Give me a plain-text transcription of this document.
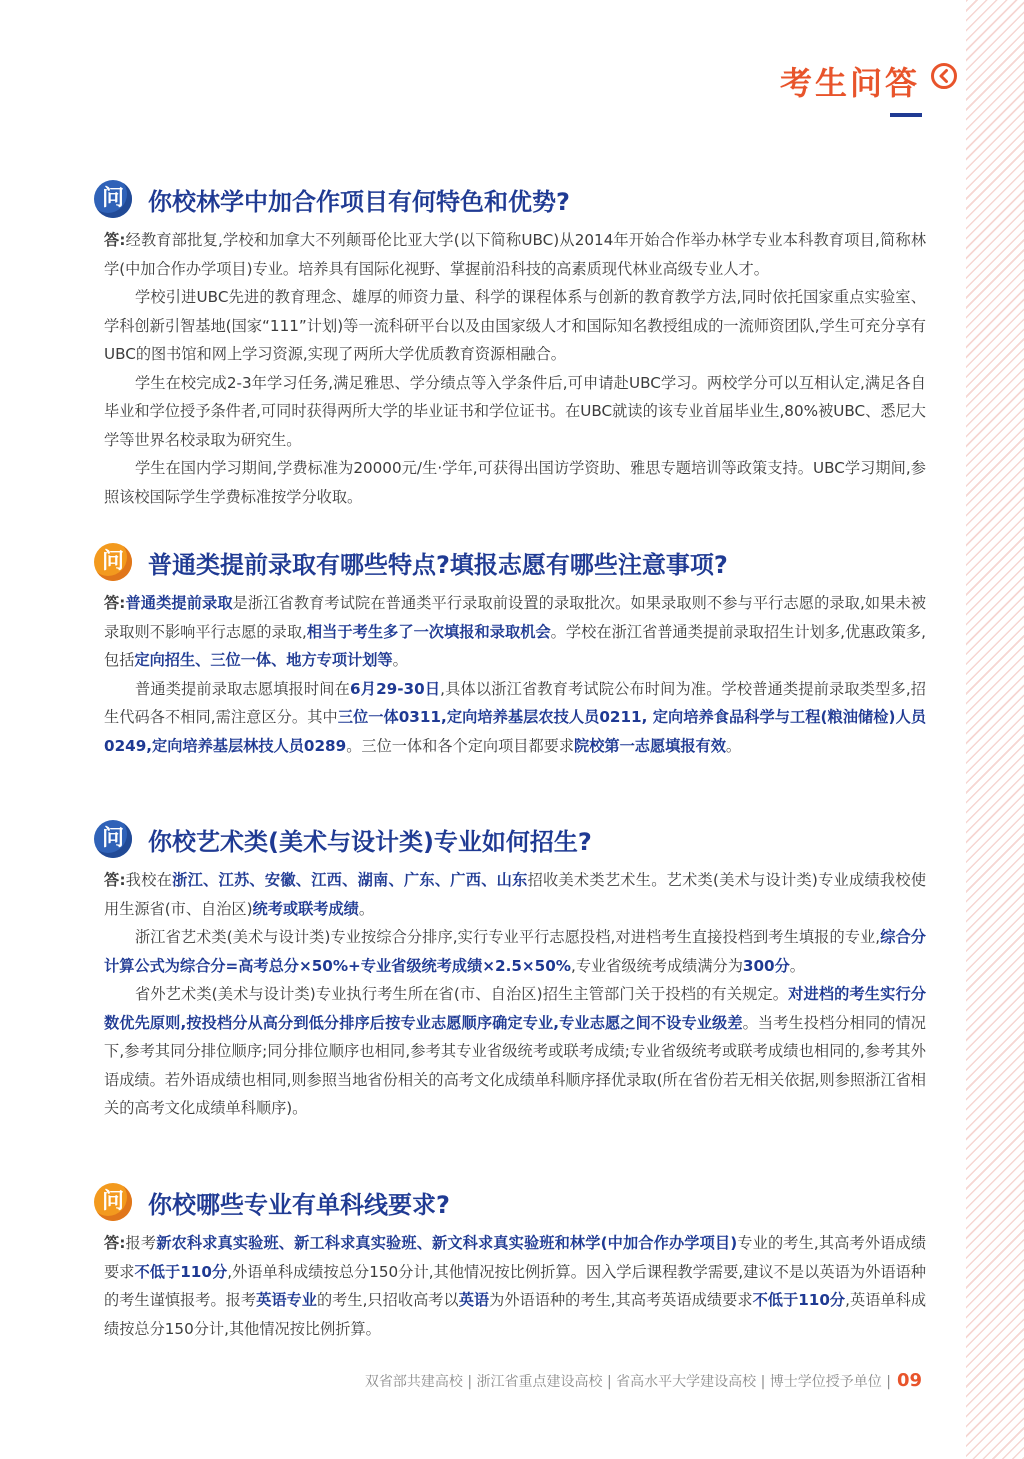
考生问答
问	你校林学中加合作项目有何特色和优势?

答:经教育部批复,学校和加拿大不列颠哥伦比亚大学(以下简称UBC)从2014年开始合作举办林学专业本科教育项目,简称林学(中加合作办学项目)专业。培养具有国际化视野、掌握前沿科技的高素质现代林业高级专业人才。

学校引进UBC先进的教育理念、雄厚的师资力量、科学的课程体系与创新的教育教学方法,同时依托国家重点实验室、学科创新引智基地(国家“111”计划)等一流科研平台以及由国家级人才和国际知名教授组成的一流师资团队,学生可充分享有UBC的图书馆和网上学习资源,实现了两所大学优质教育资源相融合。

学生在校完成2-3年学习任务,满足雅思、学分绩点等入学条件后,可申请赴UBC学习。两校学分可以互相认定,满足各自毕业和学位授予条件者,可同时获得两所大学的毕业证书和学位证书。在UBC就读的该专业首届毕业生,80%被UBC、悉尼大学等世界名校录取为研究生。

学生在国内学习期间,学费标准为20000元/生·学年,可获得出国访学资助、雅思专题培训等政策支持。UBC学习期间,参照该校国际学生学费标准按学分收取。

问	普通类提前录取有哪些特点?填报志愿有哪些注意事项?

答:普通类提前录取是浙江省教育考试院在普通类平行录取前设置的录取批次。如果录取则不参与平行志愿的录取,如果未被录取则不影响平行志愿的录取,相当于考生多了一次填报和录取机会。学校在浙江省普通类提前录取招生计划多,优惠政策多,包括定向招生、三位一体、地方专项计划等。

普通类提前录取志愿填报时间在6月29-30日,具体以浙江省教育考试院公布时间为准。学校普通类提前录取类型多,招生代码各不相同,需注意区分。其中三位一体0311,定向培养基层农技人员0211, 定向培养食品科学与工程(粮油储检)人员0249,定向培养基层林技人员0289。三位一体和各个定向项目都要求院校第一志愿填报有效。

问	你校艺术类(美术与设计类)专业如何招生?

答:我校在浙江、江苏、安徽、江西、湖南、广东、广西、山东招收美术类艺术生。艺术类(美术与设计类)专业成绩我校使用生源省(市、自治区)统考或联考成绩。

浙江省艺术类(美术与设计类)专业按综合分排序,实行专业平行志愿投档,对进档考生直接投档到考生填报的专业,综合分计算公式为综合分=高考总分×50%+专业省级统考成绩×2.5×50%,专业省级统考成绩满分为300分。

省外艺术类(美术与设计类)专业执行考生所在省(市、自治区)招生主管部门关于投档的有关规定。对进档的考生实行分数优先原则,按投档分从高分到低分排序后按专业志愿顺序确定专业,专业志愿之间不设专业级差。当考生投档分相同的情况下,参考其同分排位顺序;同分排位顺序也相同,参考其专业省级统考或联考成绩;专业省级统考或联考成绩也相同的,参考其外语成绩。若外语成绩也相同,则参照当地省份相关的高考文化成绩单科顺序择优录取(所在省份若无相关依据,则参照浙江省相关的高考文化成绩单科顺序)。

问	你校哪些专业有单科线要求?

答:报考新农科求真实验班、新工科求真实验班、新文科求真实验班和林学(中加合作办学项目)专业的考生,其高考外语成绩要求不低于110分,外语单科成绩按总分150分计,其他情况按比例折算。因入学后课程教学需要,建议不是以英语为外语语种的考生谨慎报考。报考英语专业的考生,只招收高考以英语为外语语种的考生,其高考英语成绩要求不低于110分,英语单科成绩按总分150分计,其他情况按比例折算。

双省部共建高校 | 浙江省重点建设高校 | 省高水平大学建设高校 | 博士学位授予单位 | 09
